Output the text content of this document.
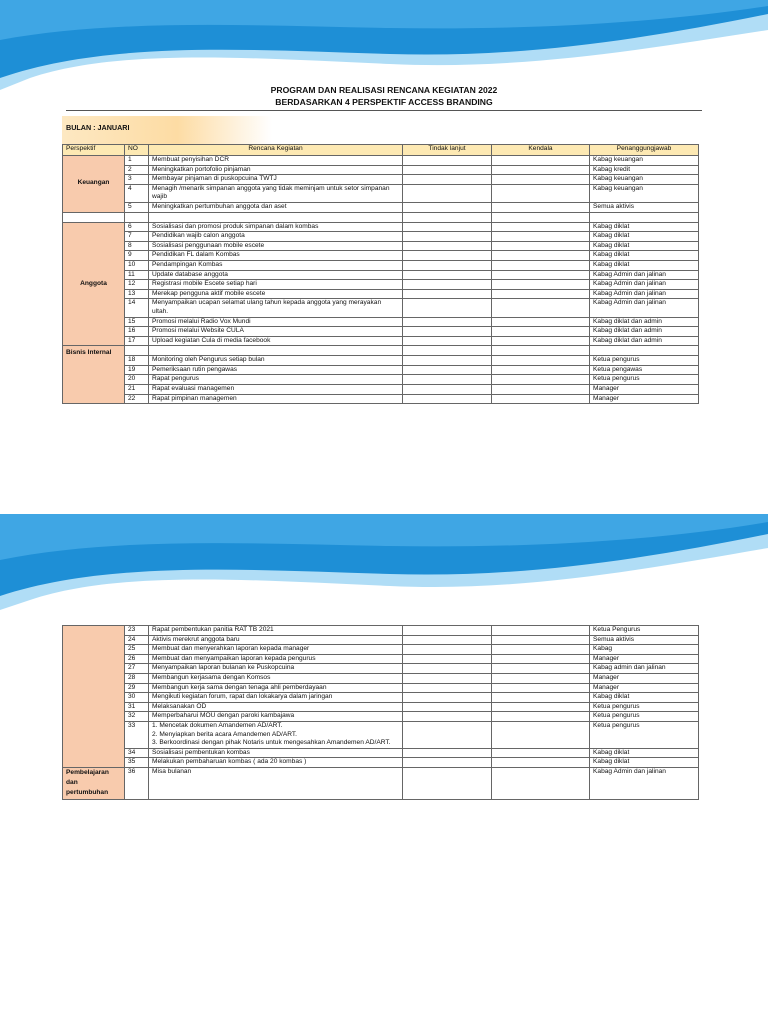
PROGRAM DAN REALISASI RENCANA KEGIATAN 2022
BERDASARKAN 4 PERSPEKTIF ACCESS BRANDING
BULAN : JANUARI
Perspektif	NO	Rencana Kegiatan	Tindak lanjut	Kendala	Penanggungjawab
Keuangan	1	Membuat penyisihan DCR			Kabag keuangan
	2	Meningkatkan portofolio pinjaman			Kabag kredit
	3	Membayar pinjaman di puskopcuina TWTJ			Kabag keuangan
	4	Menagih /menarik simpanan anggota yang tidak meminjam untuk setor simpanan wajib			Kabag keuangan
	5	Meningkatkan pertumbuhan anggota dan aset			Semua aktivis

Anggota	6	Sosialisasi dan promosi produk simpanan dalam kombas			Kabag diklat
	7	Pendidikan wajib calon anggota			Kabag diklat
	8	Sosialisasi penggunaan mobile escete			Kabag diklat
	9	Pendidikan FL dalam Kombas			Kabag diklat
	10	Pendampingan Kombas			Kabag diklat
	11	Update database anggota			Kabag Admin dan jalinan
	12	Registrasi mobile Escete setiap hari			Kabag Admin dan jalinan
	13	Merekap pengguna aktif mobile escete			Kabag Admin dan jalinan
	14	Menyampaikan ucapan selamat ulang tahun kepada anggota yang merayakan ultah.			Kabag Admin dan jalinan
	15	Promosi melalui Radio Vox Mundi			Kabag diklat dan admin
	16	Promosi melalui Website CULA			Kabag diklat dan admin
	17	Upload kegiatan Cula di media facebook			Kabag diklat dan admin

Bisnis Internal					

	18	Monitoring oleh Pengurus setiap bulan			Ketua pengurus
	19	Pemeriksaan rutin pengawas			Ketua pengawas
	20	Rapat pengurus			Ketua pengurus
	21	Rapat evaluasi managemen			Manager
	22	Rapat pimpinan managemen			Manager
	23	Rapat pembentukan panitia RAT TB 2021			Ketua Pengurus
	24	Aktivis merekrut anggota baru			Semua aktivis
	25	Membuat dan menyerahkan laporan kepada manager			Kabag
	26	Membuat dan menyampaikan laporan kepada pengurus			Manager
	27	Menyampaikan laporan bulanan ke Puskopcuina			Kabag admin dan jalinan
	28	Membangun kerjasama dengan Komsos			Manager
	29	Membangun kerja sama dengan tenaga ahli pemberdayaan			Manager
	30	Mengikuti kegiatan forum, rapat dan lokakarya dalam jaringan			Kabag diklat
	31	Melaksanakan OD			Ketua pengurus
	32	Memperbaharui MOU dengan paroki kambajawa			Ketua pengurus
	33	1. Mencetak dokumen Amandemen AD/ART.
2. Menyiapkan berita acara Amandemen AD/ART.
3. Berkoordinasi dengan pihak Notaris untuk mengesahkan Amandemen AD/ART.			Ketua pengurus
	34	Sosialisasi pembentukan kombas			Kabag diklat
	35	Melakukan pembaharuan kombas ( ada 20 kombas )			Kabag diklat
Pembelajaran dan pertumbuhan	36	Misa bulanan			Kabag Admin dan jalinan
